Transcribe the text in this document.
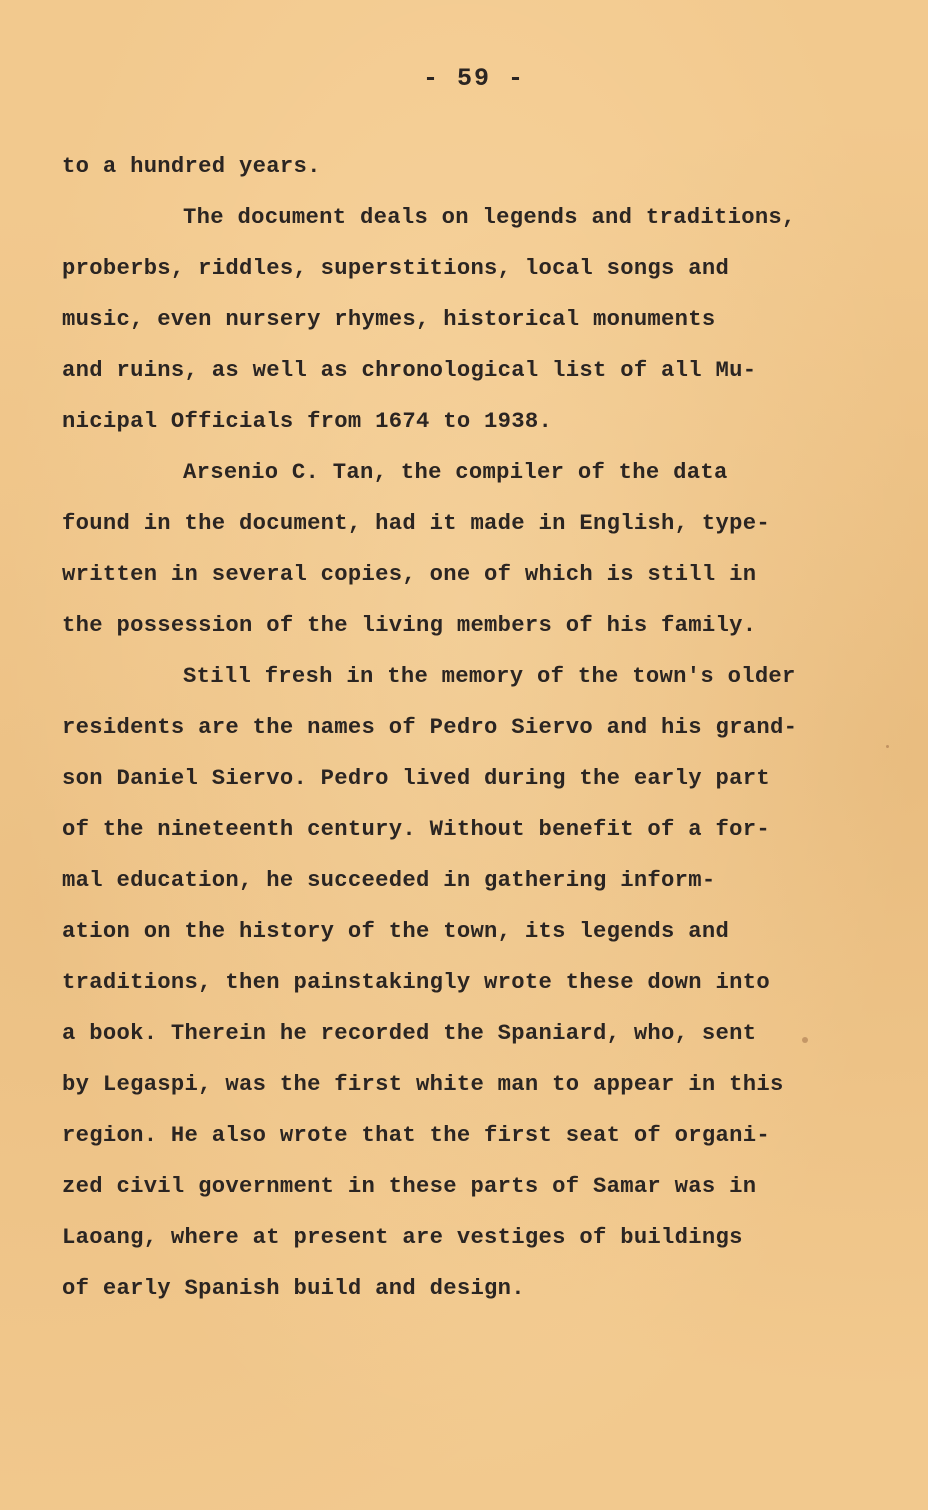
- 59 -
to a hundred years.
The document deals on legends and traditions,
proberbs, riddles, superstitions, local songs and
music, even nursery rhymes, historical monuments
and ruins, as well as chronological list of all Mu-
nicipal Officials from 1674 to 1938.
Arsenio C. Tan, the compiler of the data
found in the document, had it made in English, type-
written in several copies, one of which is still in
the possession of the living members of his family.
Still fresh in the memory of the town's older
residents are the names of Pedro Siervo and his grand-
son Daniel Siervo. Pedro lived during the early part
of the nineteenth century. Without benefit of a for-
mal education, he succeeded in gathering inform-
ation on the history of the town, its legends and
traditions, then painstakingly wrote these down into
a book. Therein he recorded the Spaniard, who, sent
by Legaspi, was the first white man to appear in this
region. He also wrote that the first seat of organi-
zed civil government in these parts of Samar was in
Laoang, where at present are vestiges of buildings
of early Spanish build and design.
